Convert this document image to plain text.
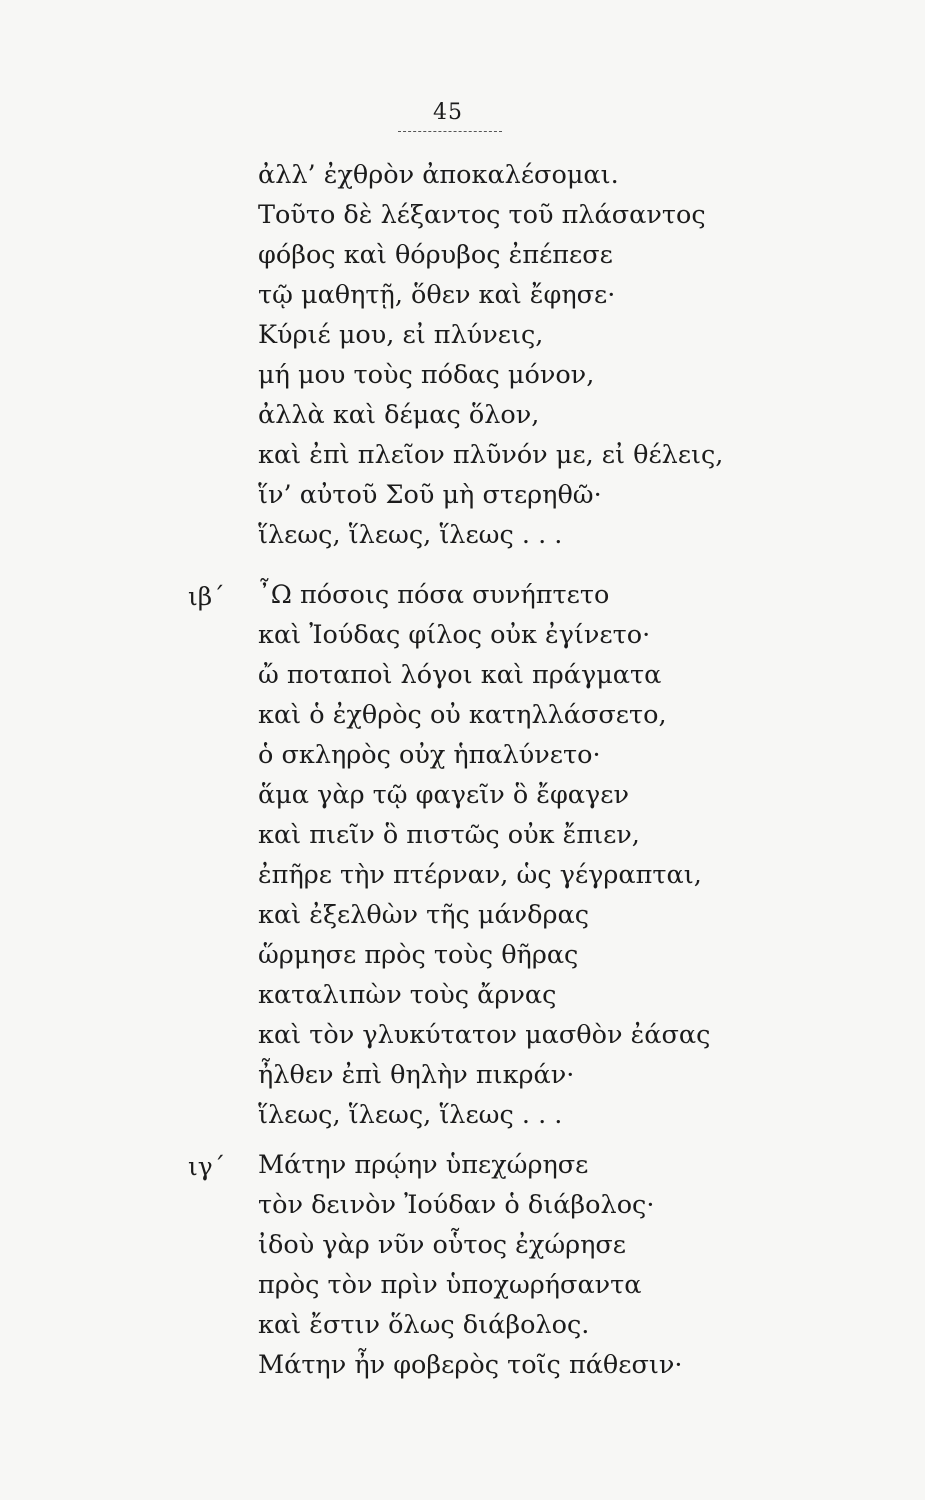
45
ἀλλ’ ἐχθρὸν ἀποκαλέσομαι.
Τοῦτο δὲ λέξαντος τοῦ πλάσαντος
φόβος καὶ θόρυβος ἐπέπεσε
τῷ μαθητῇ, ὅθεν καὶ ἔφησε·
Κύριέ μου, εἰ πλύνεις,
μή μου τοὺς πόδας μόνον,
ἀλλὰ καὶ δέμας ὅλον,
καὶ ἐπὶ πλεῖον πλῦνόν με, εἰ θέλεις,
ἵν’ αὐτοῦ Σοῦ μὴ στερηθῶ·
ἵλεως, ἵλεως, ἵλεως . . .
ιβ΄ ῏Ω πόσοις πόσα συνήπτετο
καὶ Ἰούδας φίλος οὐκ ἐγίνετο·
ὤ ποταποὶ λόγοι καὶ πράγματα
καὶ ὁ ἐχθρὸς οὐ κατηλλάσσετο,
ὁ σκληρὸς οὐχ ἡπαλύνετο·
ἅμα γὰρ τῷ φαγεῖν ὃ ἔφαγεν
καὶ πιεῖν ὃ πιστῶς οὐκ ἔπιεν,
ἐπῆρε τὴν πτέρναν, ὡς γέγραπται,
καὶ ἐξελθὼν τῆς μάνδρας
ὥρμησε πρὸς τοὺς θῆρας
καταλιπὼν τοὺς ἄρνας
καὶ τὸν γλυκύτατον μασθὸν ἐάσας
ἦλθεν ἐπὶ θηλὴν πικράν·
ἵλεως, ἵλεως, ἵλεως . . .
ιγ΄ Μάτην πρῴην ὑπεχώρησε
τὸν δεινὸν Ἰούδαν ὁ διάβολος·
ἰδοὺ γὰρ νῦν οὗτος ἐχώρησε
πρὸς τὸν πρὶν ὑποχωρήσαντα
καὶ ἔστιν ὅλως διάβολος.
Μάτην ἦν φοβερὸς τοῖς πάθεσιν·
